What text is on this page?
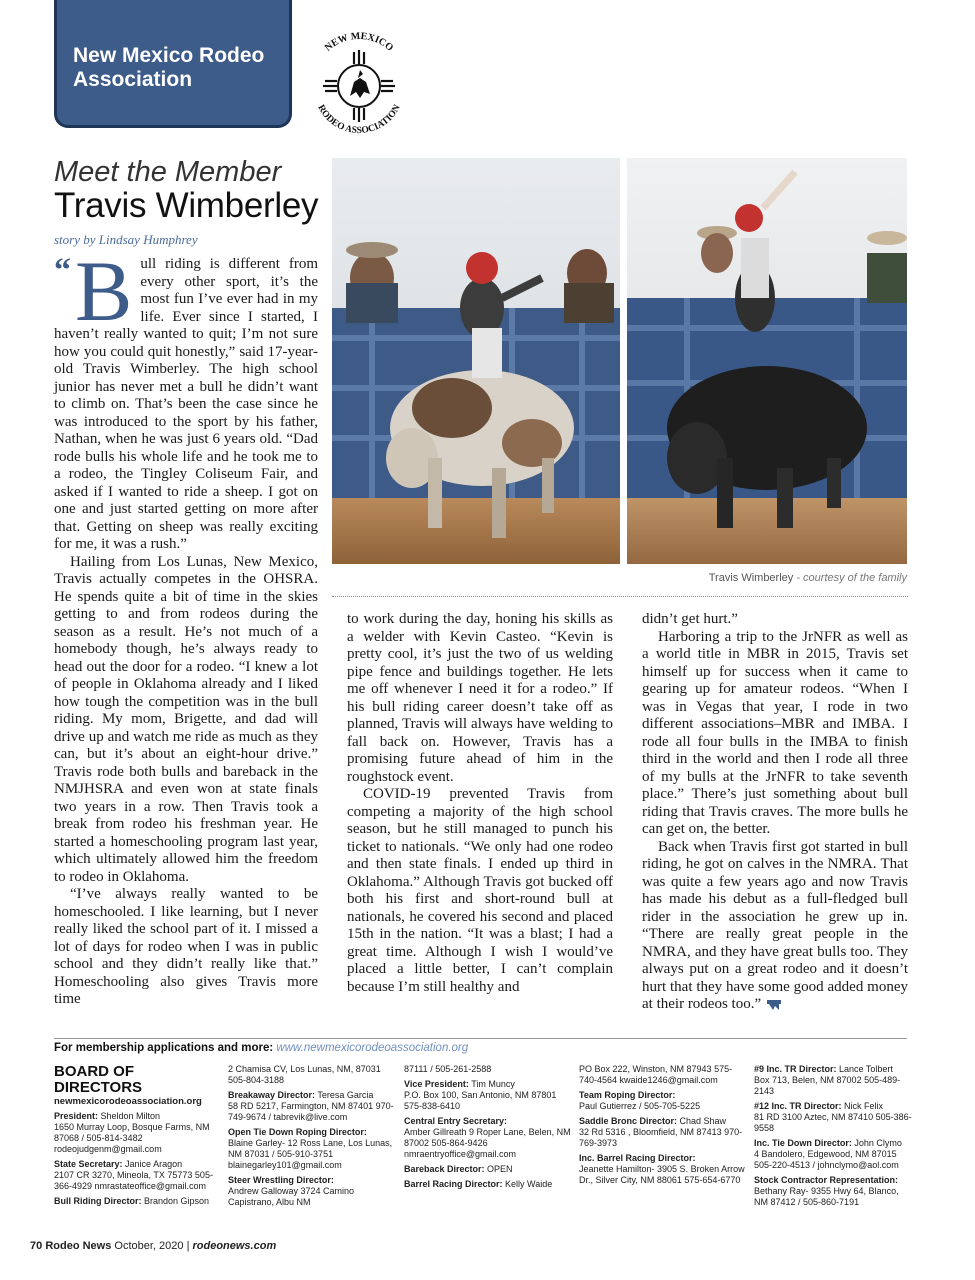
New Mexico Rodeo
Association
NEW MEXICO
RODEO ASSOCIATION
Meet the Member
Travis Wimberley
story by Lindsay Humphrey
Travis Wimberley - courtesy of the family

“ B ull riding is different from every other sport, it’s the most fun I’ve ever had in my life. Ever since I started, I haven’t really wanted to quit; I’m not sure how you could quit honestly,” said 17-year-old Travis Wimberley. The high school junior has never met a bull he didn’t want to climb on. That’s been the case since he was introduced to the sport by his father, Nathan, when he was just 6 years old. “Dad rode bulls his whole life and he took me to a rodeo, the Tingley Coliseum Fair, and asked if I wanted to ride a sheep. I got on one and just started getting on more after that. Getting on sheep was really exciting for me, it was a rush.”

Hailing from Los Lunas, New Mexico, Travis actually competes in the OHSRA. He spends quite a bit of time in the skies getting to and from rodeos during the season as a result. He’s not much of a homebody though, he’s always ready to head out the door for a rodeo. “I knew a lot of people in Oklahoma already and I liked how tough the competition was in the bull riding. My mom, Brigette, and dad will drive up and watch me ride as much as they can, but it’s about an eight-hour drive.” Travis rode both bulls and bareback in the NMJHSRA and even won at state finals two years in a row. Then Travis took a break from rodeo his freshman year. He started a homeschooling program last year, which ultimately allowed him the freedom to rodeo in Oklahoma.

“I’ve always really wanted to be homeschooled. I like learning, but I never really liked the school part of it. I missed a lot of days for rodeo when I was in public school and they didn’t really like that.” Homeschooling also gives Travis more time

to work during the day, honing his skills as a welder with Kevin Casteo. “Kevin is pretty cool, it’s just the two of us welding pipe fence and buildings together. He lets me off whenever I need it for a rodeo.” If his bull riding career doesn’t take off as planned, Travis will always have welding to fall back on. However, Travis has a promising future ahead of him in the roughstock event.

COVID-19 prevented Travis from competing a majority of the high school season, but he still managed to punch his ticket to nationals. “We only had one rodeo and then state finals. I ended up third in Oklahoma.” Although Travis got bucked off both his first and short-round bull at nationals, he covered his second and placed 15th in the nation. “It was a blast; I had a great time. Although I wish I would’ve placed a little better, I can’t complain because I’m still healthy and

didn’t get hurt.”

Harboring a trip to the JrNFR as well as a world title in MBR in 2015, Travis set himself up for success when it came to gearing up for amateur rodeos. “When I was in Vegas that year, I rode in two different associations–MBR and IMBA. I rode all four bulls in the IMBA to finish third in the world and then I rode all three of my bulls at the JrNFR to take seventh place.” There’s just something about bull riding that Travis craves. The more bulls he can get on, the better.

Back when Travis first got started in bull riding, he got on calves in the NMRA. That was quite a few years ago and now Travis has made his debut as a full-fledged bull rider in the association he grew up in. “There are really great people in the NMRA, and they have great bulls too. They always put on a great rodeo and it doesn’t hurt that they have some good added money at their rodeos too.”

For membership applications and more: www.newmexicorodeoassociation.org
BOARD OF DIRECTORS
newmexicorodeoassociation.org
President: Sheldon Milton
1650 Murray Loop, Bosque Farms, NM 87068 / 505-814-3482 rodeojudgenm@gmail.com
State Secretary: Janice Aragon
2107 CR 3270, Mineola, TX 75773 505-366-4929 nmrastateoffice@gmail.com
Bull Riding Director: Brandon Gipson
2 Chamisa CV, Los Lunas, NM, 87031 505-804-3188
Breakaway Director: Teresa Garcia
58 RD 5217, Farmington, NM 87401 970-749-9674 / tabrevik@live.com
Open Tie Down Roping Director:
Blaine Garley- 12 Ross Lane, Los Lunas, NM 87031 / 505-910-3751 blainegarley101@gmail.com
Steer Wrestling Director:
Andrew Galloway 3724 Camino Capistrano, Albu NM
87111 / 505-261-2588
Vice President: Tim Muncy
P.O. Box 100, San Antonio, NM 87801 575-838-6410
Central Entry Secretary:
Amber Gillreath 9 Roper Lane, Belen, NM 87002 505-864-9426 nmraentryoffice@gmail.com
Bareback Director: OPEN
Barrel Racing Director: Kelly Waide
PO Box 222, Winston, NM 87943 575-740-4564 kwaide1246@gmail.com
Team Roping Director:
Paul Gutierrez / 505-705-5225
Saddle Bronc Director: Chad Shaw
32 Rd 5316 , Bloomfield, NM 87413 970-769-3973
Inc. Barrel Racing Director:
Jeanette Hamilton- 3905 S. Broken Arrow Dr., Silver City, NM 88061 575-654-6770
#9 Inc. TR Director: Lance Tolbert
Box 713, Belen, NM 87002 505-489-2143
#12 Inc. TR Director: Nick Felix
81 RD 3100 Aztec, NM 87410 505-386-9558
Inc. Tie Down Director: John Clymo
4 Bandolero, Edgewood, NM 87015 505-220-4513 / johnclymo@aol.com
Stock Contractor Representation:
Bethany Ray- 9355 Hwy 64, Blanco, NM 87412 / 505-860-7191
70 Rodeo News October, 2020 | rodeonews.com
